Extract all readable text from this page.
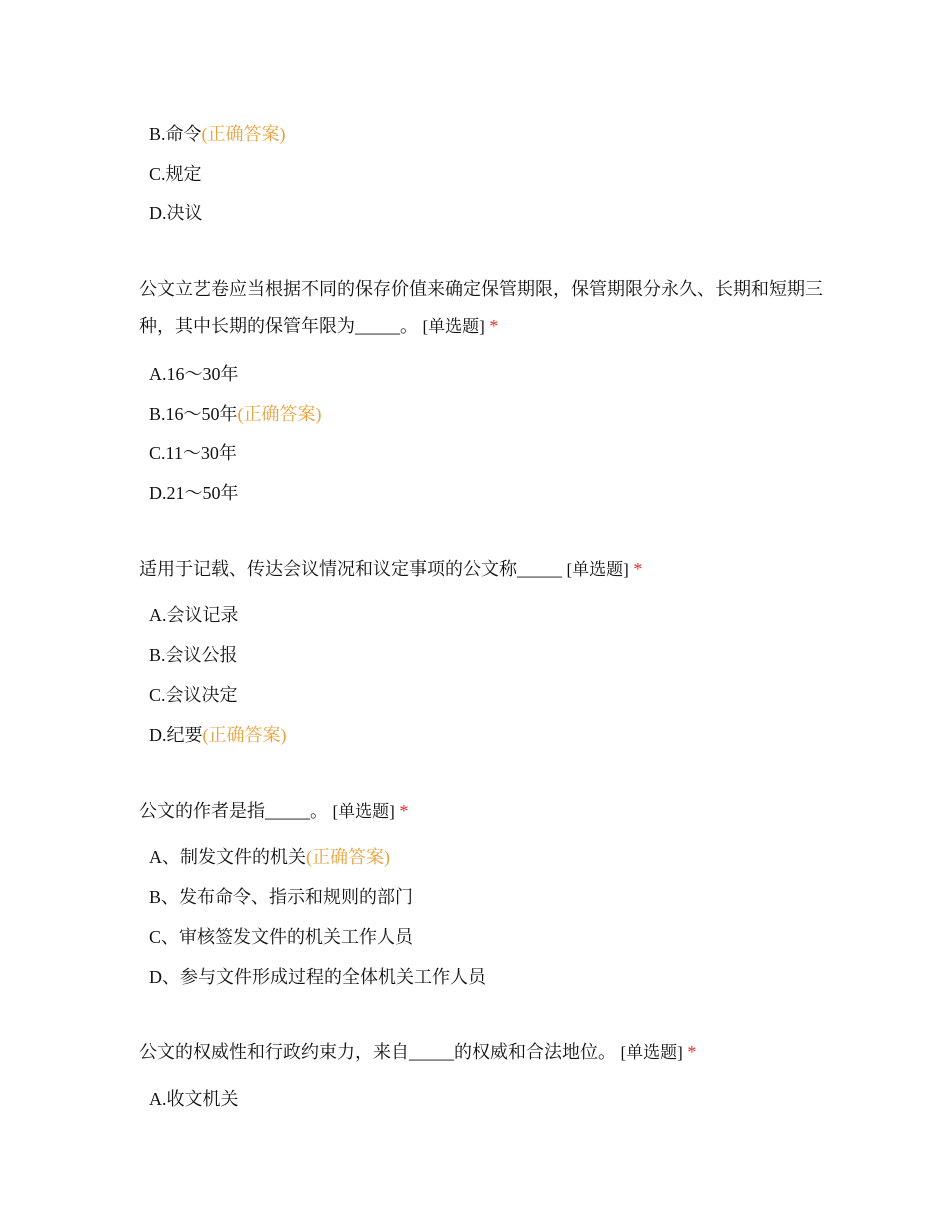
B.命令(正确答案)
C.规定
D.决议
公文立艺卷应当根据不同的保存价值来确定保管期限，保管期限分永久、长期和短期三种，其中长期的保管年限为_____。 [单选题] *
A.16～30年
B.16～50年(正确答案)
C.11～30年
D.21～50年
适用于记载、传达会议情况和议定事项的公文称_____ [单选题] *
A.会议记录
B.会议公报
C.会议决定
D.纪要(正确答案)
公文的作者是指_____。 [单选题] *
A、制发文件的机关(正确答案)
B、发布命令、指示和规则的部门
C、审核签发文件的机关工作人员
D、参与文件形成过程的全体机关工作人员
公文的权威性和行政约束力，来自_____的权威和合法地位。 [单选题] *
A.收文机关
